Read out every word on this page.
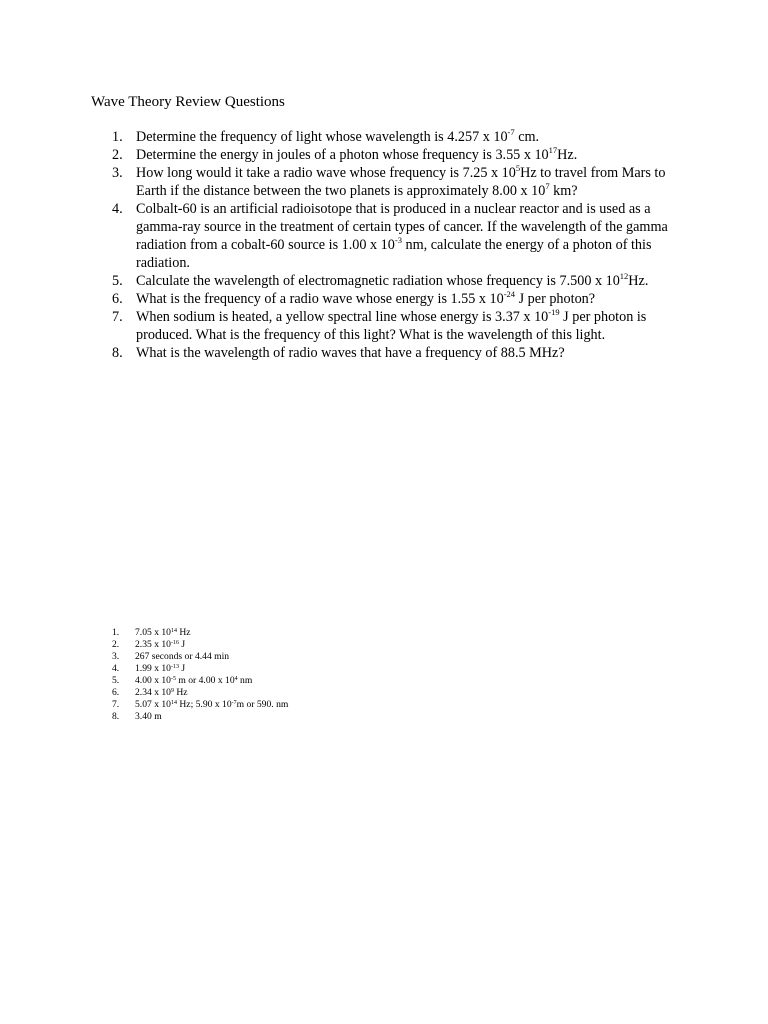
Wave Theory Review Questions
1. Determine the frequency of light whose wavelength is 4.257 x $10^{-7}$ cm.
2. Determine the energy in joules of a photon whose frequency is 3.55 x $10^{17}Hz$.
3. How long would it take a radio wave whose frequency is 7.25 x $10^5Hz$ to travel from Mars to Earth if the distance between the two planets is approximately 8.00 x $10^7$ km?
4. Colbalt-60 is an artificial radioisotope that is produced in a nuclear reactor and is used as a gamma-ray source in the treatment of certain types of cancer. If the wavelength of the gamma radiation from a cobalt-60 source is 1.00 x $10^{-3}$ nm, calculate the energy of a photon of this radiation.
5. Calculate the wavelength of electromagnetic radiation whose frequency is 7.500 x $10^{12}Hz$.
6. What is the frequency of a radio wave whose energy is 1.55 x $10^{-24}$ J per photon?
7. When sodium is heated, a yellow spectral line whose energy is 3.37 x $10^{-19}$ J per photon is produced. What is the frequency of this light? What is the wavelength of this light.
8. What is the wavelength of radio waves that have a frequency of 88.5 MHz?
1. 7.05 x $10^{14}$ Hz
2. 2.35 x $10^{-16}$ J
3. 267 seconds or 4.44 min
4. 1.99 x $10^{-13}$ J
5. 4.00 x $10^{-5}$ m or 4.00 x $10^4$ nm
6. 2.34 x $10^9$ Hz
7. 5.07 x $10^{14}$ Hz; 5.90 x $10^{-7}m$ or 590. nm
8. 3.40 m
